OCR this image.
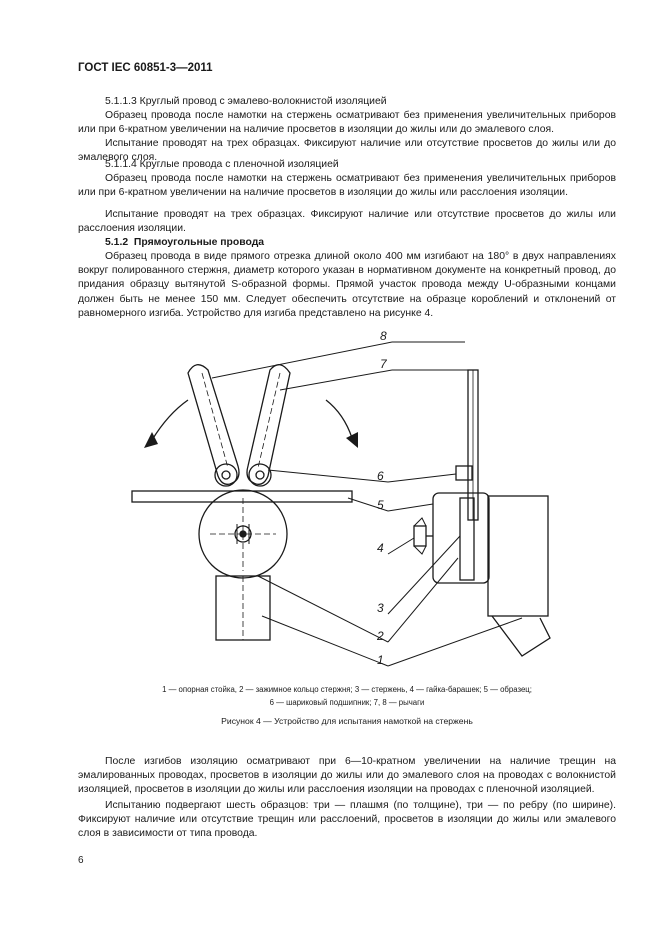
ГОСТ IEC 60851-3—2011
5.1.1.3 Круглый провод с эмалево-волокнистой изоляцией
Образец провода после намотки на стержень осматривают без применения увеличительных приборов или при 6-кратном увеличении на наличие просветов в изоляции до жилы или до эмалевого слоя.
Испытание проводят на трех образцах. Фиксируют наличие или отсутствие просветов до жилы или до эмалевого слоя.
5.1.1.4 Круглые провода с пленочной изоляцией
Образец провода после намотки на стержень осматривают без применения увеличительных приборов или при 6-кратном увеличении на наличие просветов в изоляции до жилы или расслоения изоляции.
Испытание проводят на трех образцах. Фиксируют наличие или отсутствие просветов до жилы или расслоения изоляции.
5.1.2 Прямоугольные провода
Образец провода в виде прямого отрезка длиной около 400 мм изгибают на 180° в двух направлениях вокруг полированного стержня, диаметр которого указан в нормативном документе на конкретный провод, до придания образцу вытянутой S-образной формы. Прямой участок провода между U-образными концами должен быть не менее 150 мм. Следует обеспечить отсутствие на образце короблений и отклонений от равномерного изгиба. Устройство для изгиба представлено на рисунке 4.
8
7
6
5
4
3
2
1
1 — опорная стойка, 2 — зажимное кольцо стержня; 3 — стержень, 4 — гайка-барашек; 5 — образец;
6 — шариковый подшипник; 7, 8 — рычаги
Рисунок 4 — Устройство для испытания намоткой на стержень
После изгибов изоляцию осматривают при 6—10-кратном увеличении на наличие трещин на эмалированных проводах, просветов в изоляции до жилы или до эмалевого слоя на проводах с волокнистой изоляцией, просветов в изоляции до жилы или расслоения изоляции на проводах с пленочной изоляцией.
Испытанию подвергают шесть образцов: три — плашмя (по толщине), три — по ребру (по ширине). Фиксируют наличие или отсутствие трещин или расслоений, просветов в изоляции до жилы или эмалевого слоя в зависимости от типа провода.
6
